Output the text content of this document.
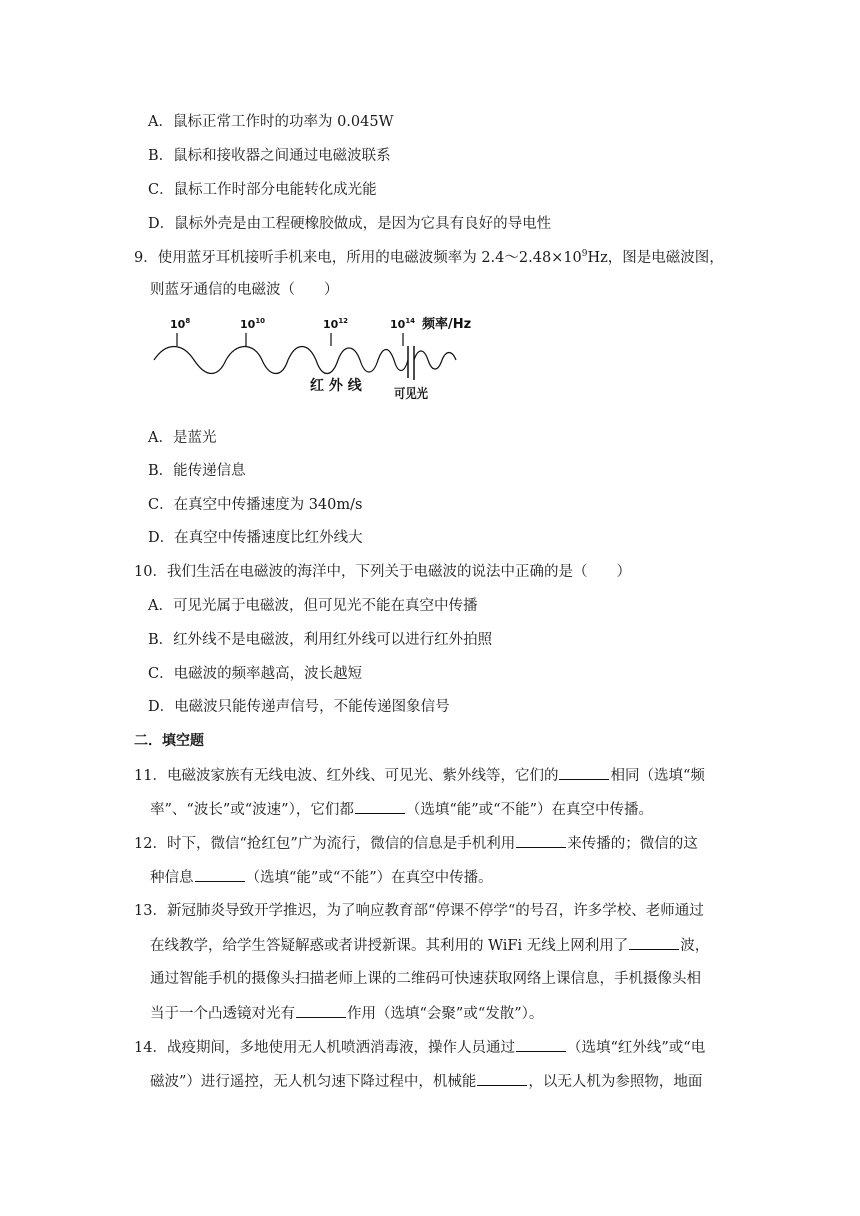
A．鼠标正常工作时的功率为 0.045W
B．鼠标和接收器之间通过电磁波联系
C．鼠标工作时部分电能转化成光能
D．鼠标外壳是由工程硬橡胶做成，是因为它具有良好的导电性
9．使用蓝牙耳机接听手机来电，所用的电磁波频率为 $2.4\sim 2.48\times 10^9Hz$，图是电磁波图，
则蓝牙通信的电磁波（　　）
$10^8$	$10^{10}$	$10^{12}$	$10^{14}$ 频率/Hz
红 外 线
可见光
A．是蓝光
B．能传递信息
C．在真空中传播速度为 340m/s
D．在真空中传播速度比红外线大
10．我们生活在电磁波的海洋中，下列关于电磁波的说法中正确的是（　　）
A．可见光属于电磁波，但可见光不能在真空中传播
B．红外线不是电磁波，利用红外线可以进行红外拍照
C．电磁波的频率越高，波长越短
D．电磁波只能传递声信号，不能传递图象信号
二．填空题
11．电磁波家族有无线电波、红外线、可见光、紫外线等，它们的	相同（选填“频
率”、“波长”或“波速”），它们都	（选填“能”或“不能”）在真空中传播。
12．时下，微信“抢红包”广为流行，微信的信息是手机利用	来传播的；微信的这
种信息	（选填“能”或“不能”）在真空中传播。
13．新冠肺炎导致开学推迟，为了响应教育部“停课不停学“的号召，许多学校、老师通过
在线教学，给学生答疑解惑或者讲授新课。其利用的 WiFi 无线上网利用了	波，
通过智能手机的摄像头扫描老师上课的二维码可快速获取网络上课信息，手机摄像头相
当于一个凸透镜对光有	作用（选填“会聚”或“发散”）。
14．战疫期间，多地使用无人机喷洒消毒液，操作人员通过	（选填“红外线”或“电
磁波”）进行遥控，无人机匀速下降过程中，机械能	，以无人机为参照物，地面
